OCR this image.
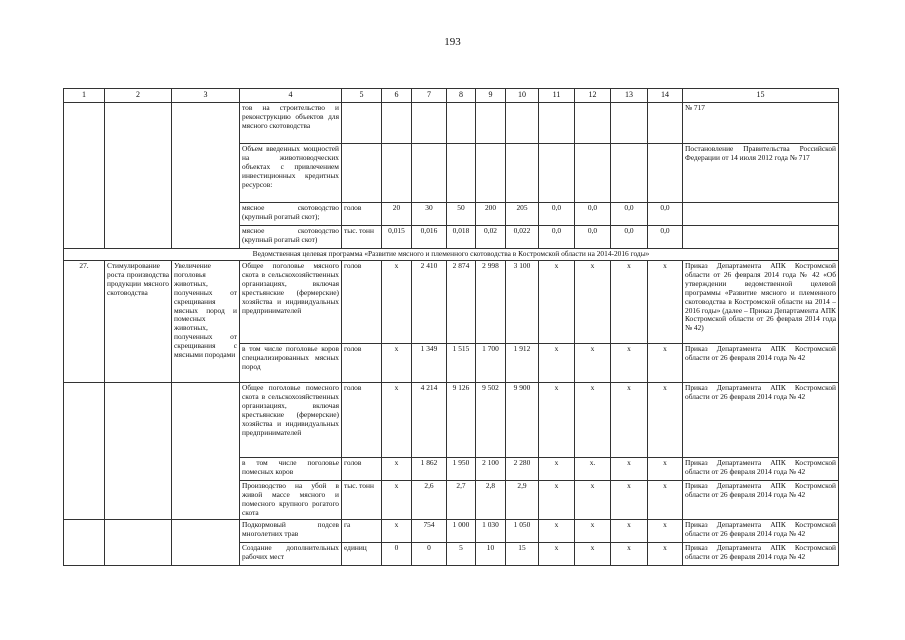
193
1	2	3	4	5	6	7	8	9	10	11	12	13	14	15
			тов на строительство и реконструкцию объектов для мясного скотоводства											№ 717
			Объем введенных мощностей на животноводческих объектах с привлечением инвестиционных кредитных ресурсов:											Постановление Правительства Российской Федерации от 14 июля 2012 года № 717
			мясное скотоводство (крупный рогатый скот);	голов	20	30	50	200	205	0,0	0,0	0,0	0,0	
			мясное скотоводство (крупный рогатый скот)	тыс. тонн	0,015	0,016	0,018	0,02	0,022	0,0	0,0	0,0	0,0	
Ведомственная целевая программа «Развитие мясного и племенного скотоводства в Костромской области на 2014-2016 годы»														
27.	Стимулирование роста производства продукции мясного скотоводства	Увеличение поголовья животных, полученных от скрещивания мясных пород и помесных животных, полученных от скрещивания с мясными породами	Общее поголовье мясного скота в сельскохозяйственных организациях, включая крестьянские (фермерские) хозяйства и индивидуальных предпринимателей	голов	х	2 410	2 874	2 998	3 100	х	х	х	х	Приказ Департамента АПК Костромской области от 26 февраля 2014 года № 42 «Об утверждении ведомственной целевой программы «Развитие мясного и племенного скотоводства в Костромской области на 2014 – 2016 годы» (далее – Приказ Департамента АПК Костромской области от 26 февраля 2014 года № 42)
			в том числе поголовье коров специализированных мясных пород	голов	х	1 349	1 515	1 700	1 912	х	х	х	х	Приказ Департамента АПК Костромской области от 26 февраля 2014 года № 42
			Общее поголовье помесного скота в сельскохозяйственных организациях, включая крестьянские (фермерские) хозяйства и индивидуальных предпринимателей	голов	х	4 214	9 126	9 502	9 900	х	х	х	х	Приказ Департамента АПК Костромской области от 26 февраля 2014 года № 42
			в том числе поголовье помесных коров	голов	х	1 862	1 950	2 100	2 280	х	х.	х	х	Приказ Департамента АПК Костромской области от 26 февраля 2014 года № 42
			Производство на убой в живой массе мясного и помесного крупного рогатого скота	тыс. тонн	х	2,6	2,7	2,8	2,9	х	х	х	х	Приказ Департамента АПК Костромской области от 26 февраля 2014 года № 42
			Подкормовый подсев многолетних трав	га	х	754	1 000	1 030	1 050	х	х	х	х	Приказ Департамента АПК Костромской области от 26 февраля 2014 года № 42
			Создание дополнительных рабочих мест	единиц	0	0	5	10	15	х	х	х	х	Приказ Департамента АПК Костромской области от 26 февраля 2014 года № 42
